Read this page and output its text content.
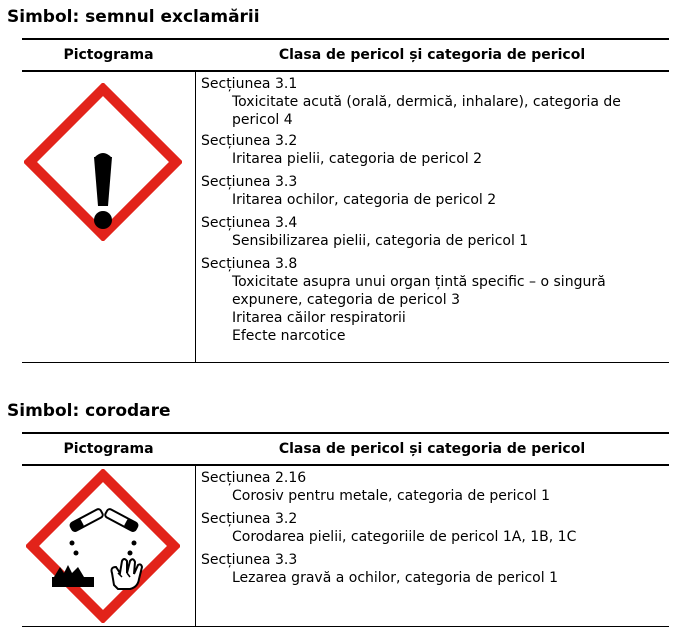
Simbol: semnul exclamării
Pictograma	Clasa de pericol și categoria de pericol
Secțiunea 3.1
Toxicitate acută (orală, dermică, inhalare), categoria de
pericol 4
Secțiunea 3.2
Iritarea pielii, categoria de pericol 2
Secțiunea 3.3
Iritarea ochilor, categoria de pericol 2
Secțiunea 3.4
Sensibilizarea pielii, categoria de pericol 1
Secțiunea 3.8
Toxicitate asupra unui organ țintă specific – o singură
expunere, categoria de pericol 3
Iritarea căilor respiratorii
Efecte narcotice
Simbol: corodare
Pictograma	Clasa de pericol și categoria de pericol
Secțiunea 2.16
Corosiv pentru metale, categoria de pericol 1
Secțiunea 3.2
Corodarea pielii, categoriile de pericol 1A, 1B, 1C
Secțiunea 3.3
Lezarea gravă a ochilor, categoria de pericol 1
